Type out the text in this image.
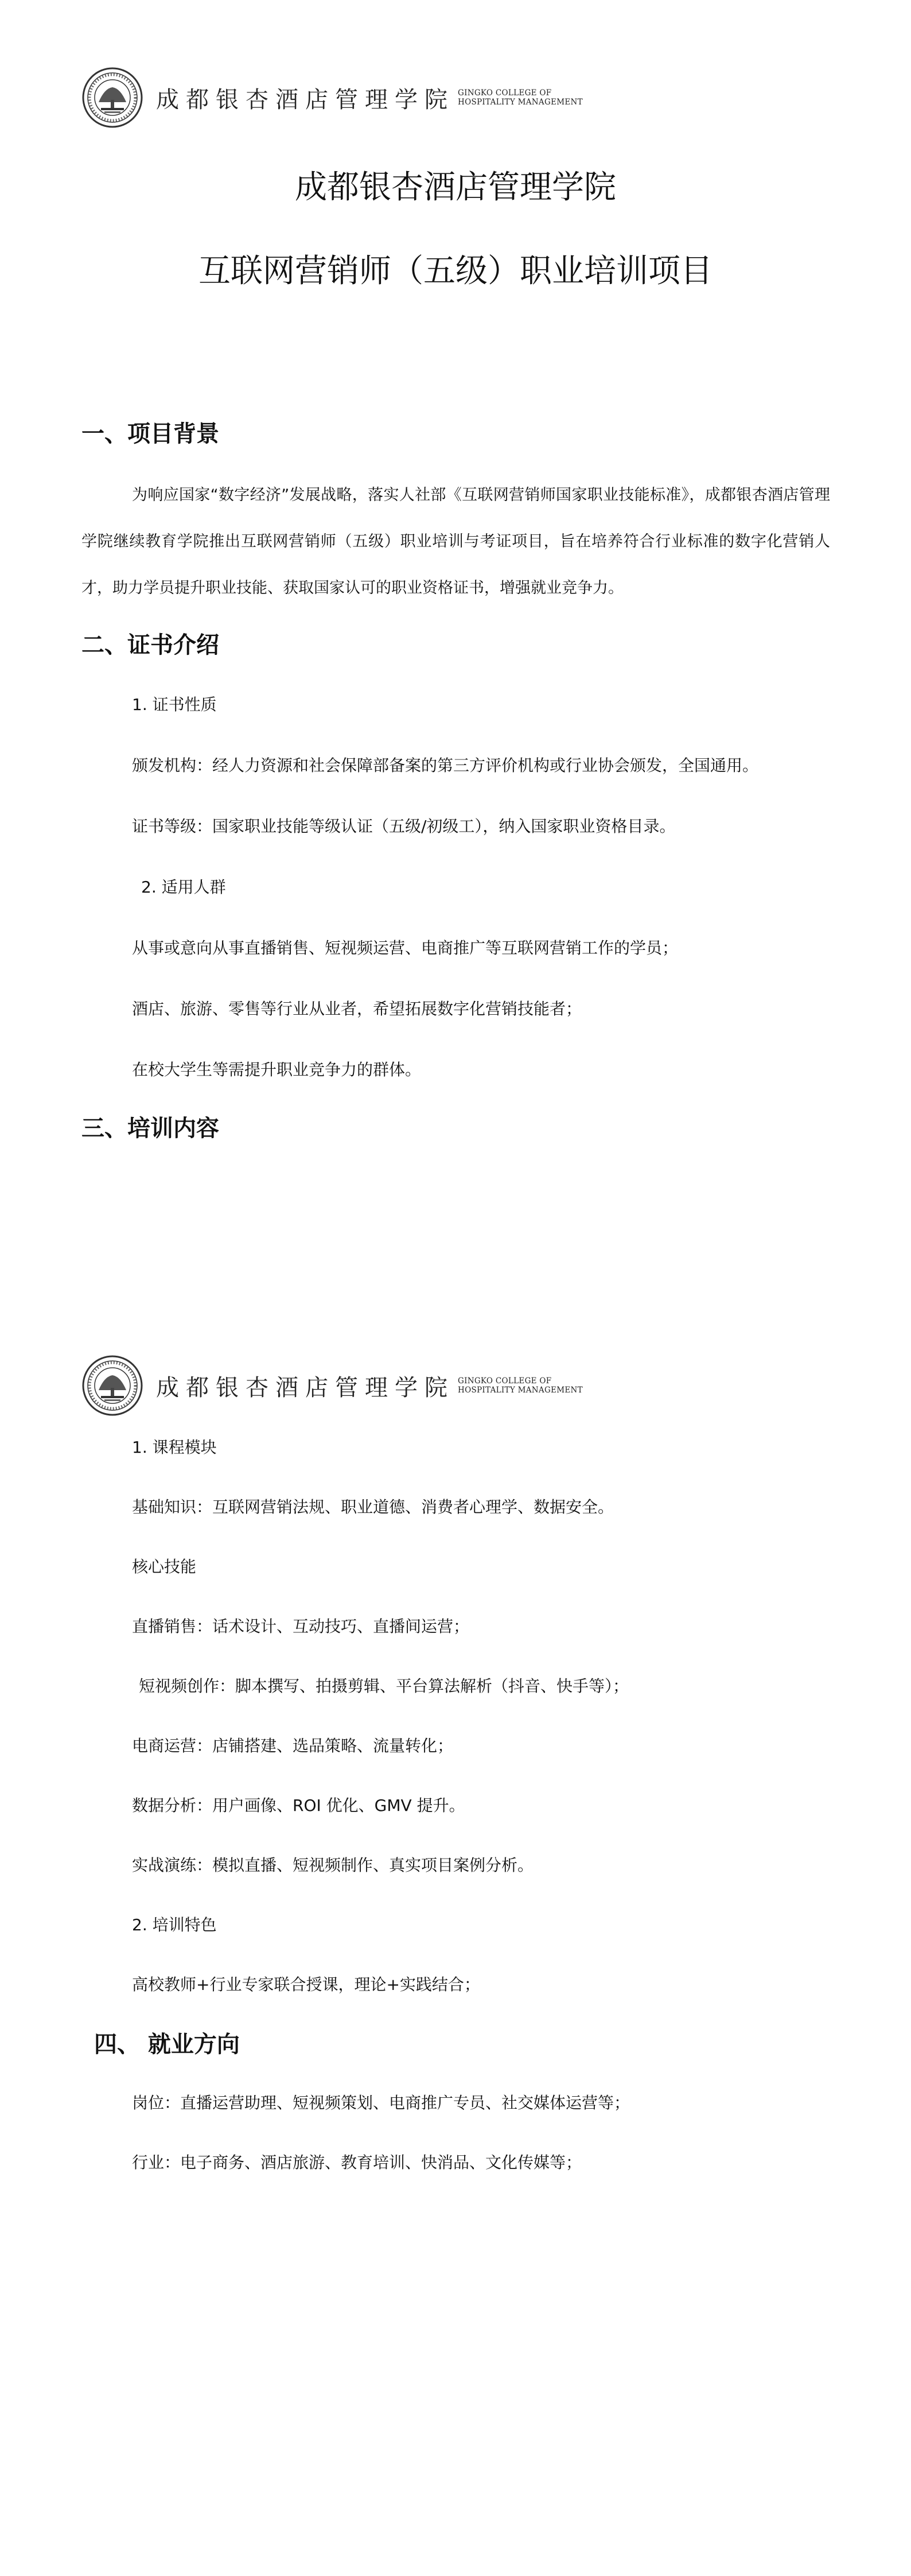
成都银杏酒店管理学院 GINGKO COLLEGE OF
HOSPITALITY MANAGEMENT
成都银杏酒店管理学院
互联网营销师（五级）职业培训项目
一、项目背景

为响应国家“数字经济”发展战略，落实人社部《互联网营销师国家职业技能标准》，成都银杏酒店管理学院继续教育学院推出互联网营销师（五级）职业培训与考证项目，旨在培养符合行业标准的数字化营销人才，助力学员提升职业技能、获取国家认可的职业资格证书，增强就业竞争力。

二、证书介绍

1. 证书性质

颁发机构：经人力资源和社会保障部备案的第三方评价机构或行业协会颁发，全国通用。

证书等级：国家职业技能等级认证（五级/初级工），纳入国家职业资格目录。

2. 适用人群

从事或意向从事直播销售、短视频运营、电商推广等互联网营销工作的学员；

酒店、旅游、零售等行业从业者，希望拓展数字化营销技能者；

在校大学生等需提升职业竞争力的群体。

三、培训内容
成都银杏酒店管理学院 GINGKO COLLEGE OF
HOSPITALITY MANAGEMENT

1. 课程模块

基础知识：互联网营销法规、职业道德、消费者心理学、数据安全。

核心技能

直播销售：话术设计、互动技巧、直播间运营；

短视频创作：脚本撰写、拍摄剪辑、平台算法解析（抖音、快手等）；

电商运营：店铺搭建、选品策略、流量转化；

数据分析：用户画像、ROI 优化、GMV 提升。

实战演练：模拟直播、短视频制作、真实项目案例分析。

2. 培训特色

高校教师+行业专家联合授课，理论+实践结合；

四、 就业方向

岗位：直播运营助理、短视频策划、电商推广专员、社交媒体运营等；

行业：电子商务、酒店旅游、教育培训、快消品、文化传媒等；
